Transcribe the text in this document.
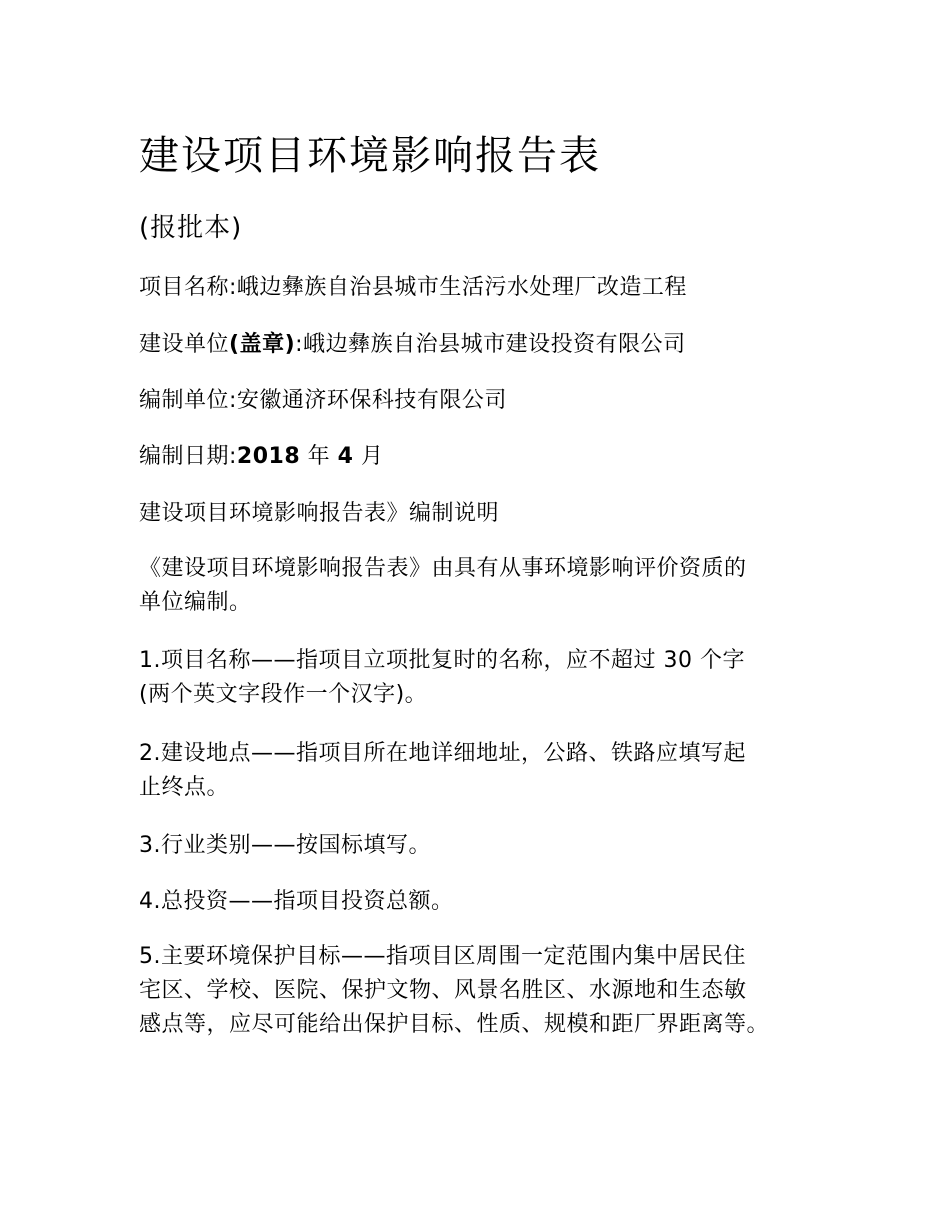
建设项目环境影响报告表
(报批本)
项目名称:峨边彝族自治县城市生活污水处理厂改造工程
建设单位(盖章):峨边彝族自治县城市建设投资有限公司
编制单位:安徽通济环保科技有限公司
编制日期:2018 年 4 月
建设项目环境影响报告表》编制说明
《建设项目环境影响报告表》由具有从事环境影响评价资质的
单位编制。
1.项目名称——指项目立项批复时的名称，应不超过 30 个字
(两个英文字段作一个汉字)。
2.建设地点——指项目所在地详细地址，公路、铁路应填写起
止终点。
3.行业类别——按国标填写。
4.总投资——指项目投资总额。
5.主要环境保护目标——指项目区周围一定范围内集中居民住
宅区、学校、医院、保护文物、风景名胜区、水源地和生态敏
感点等，应尽可能给出保护目标、性质、规模和距厂界距离等。
